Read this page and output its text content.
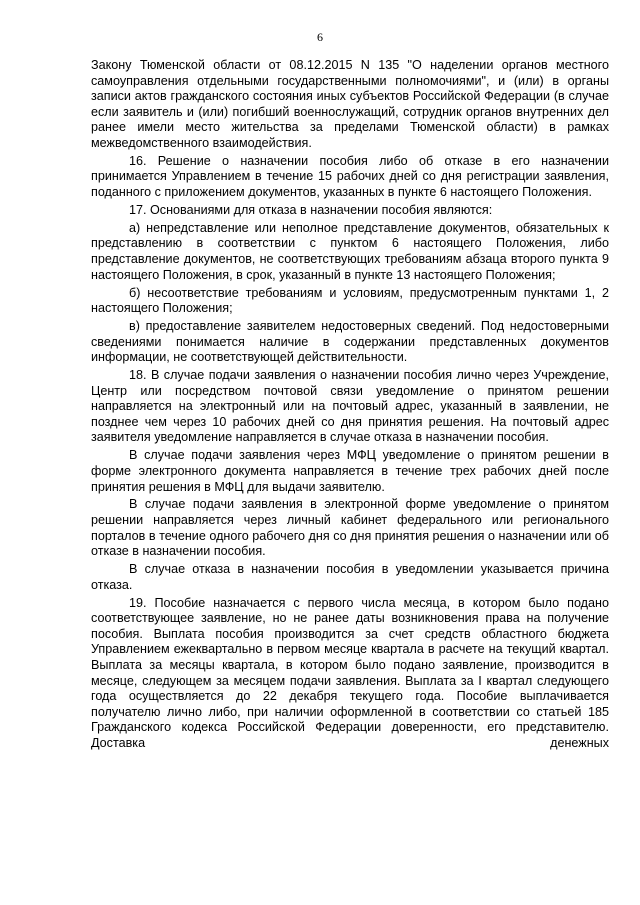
6

Закону Тюменской области от 08.12.2015 N 135 "О наделении органов местного самоуправления отдельными государственными полномочиями", и (или) в органы записи актов гражданского состояния иных субъектов Российской Федерации (в случае если заявитель и (или) погибший военнослужащий, сотрудник органов внутренних дел ранее имели место жительства за пределами Тюменской области) в рамках межведомственного взаимодействия.

16. Решение о назначении пособия либо об отказе в его назначении принимается Управлением в течение 15 рабочих дней со дня регистрации заявления, поданного с приложением документов, указанных в пункте 6 настоящего Положения.

17. Основаниями для отказа в назначении пособия являются:

а) непредставление или неполное представление документов, обязательных к представлению в соответствии с пунктом 6 настоящего Положения, либо представление документов, не соответствующих требованиям абзаца второго пункта 9 настоящего Положения, в срок, указанный в пункте 13 настоящего Положения;

б) несоответствие требованиям и условиям, предусмотренным пунктами 1, 2 настоящего Положения;

в) предоставление заявителем недостоверных сведений. Под недостоверными сведениями понимается наличие в содержании представленных документов информации, не соответствующей действительности.

18. В случае подачи заявления о назначении пособия лично через Учреждение, Центр или посредством почтовой связи уведомление о принятом решении направляется на электронный или на почтовый адрес, указанный в заявлении, не позднее чем через 10 рабочих дней со дня принятия решения. На почтовый адрес заявителя уведомление направляется в случае отказа в назначении пособия.

В случае подачи заявления через МФЦ уведомление о принятом решении в форме электронного документа направляется в течение трех рабочих дней после принятия решения в МФЦ для выдачи заявителю.

В случае подачи заявления в электронной форме уведомление о принятом решении направляется через личный кабинет федерального или регионального порталов в течение одного рабочего дня со дня принятия решения о назначении или об отказе в назначении пособия.

В случае отказа в назначении пособия в уведомлении указывается причина отказа.

19. Пособие назначается с первого числа месяца, в котором было подано соответствующее заявление, но не ранее даты возникновения права на получение пособия. Выплата пособия производится за счет средств областного бюджета Управлением ежеквартально в первом месяце квартала в расчете на текущий квартал. Выплата за месяцы квартала, в котором было подано заявление, производится в месяце, следующем за месяцем подачи заявления. Выплата за I квартал следующего года осуществляется до 22 декабря текущего года. Пособие выплачивается получателю лично либо, при наличии оформленной в соответствии со статьей 185 Гражданского кодекса Российской Федерации доверенности, его представителю. Доставка денежных
